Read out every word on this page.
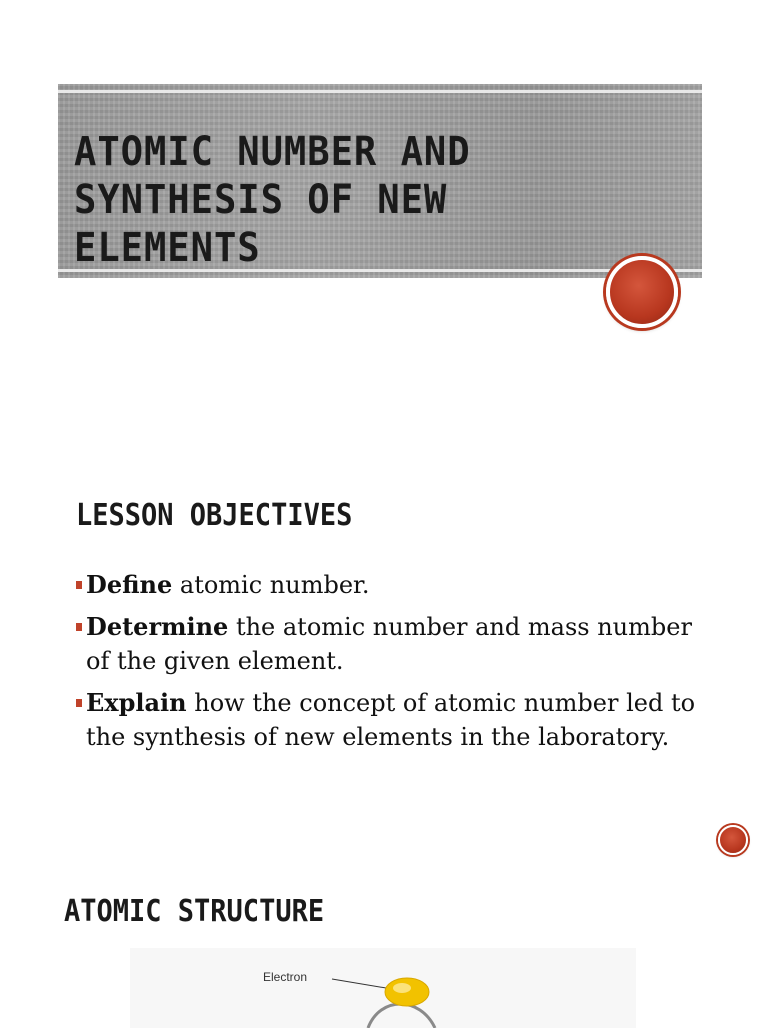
ATOMIC NUMBER AND SYNTHESIS OF NEW ELEMENTS
LESSON OBJECTIVES
Define atomic number.
Determine the atomic number and mass number of the given element.
Explain how the concept of atomic number led to the synthesis of new elements in the laboratory.
ATOMIC STRUCTURE
Electron
